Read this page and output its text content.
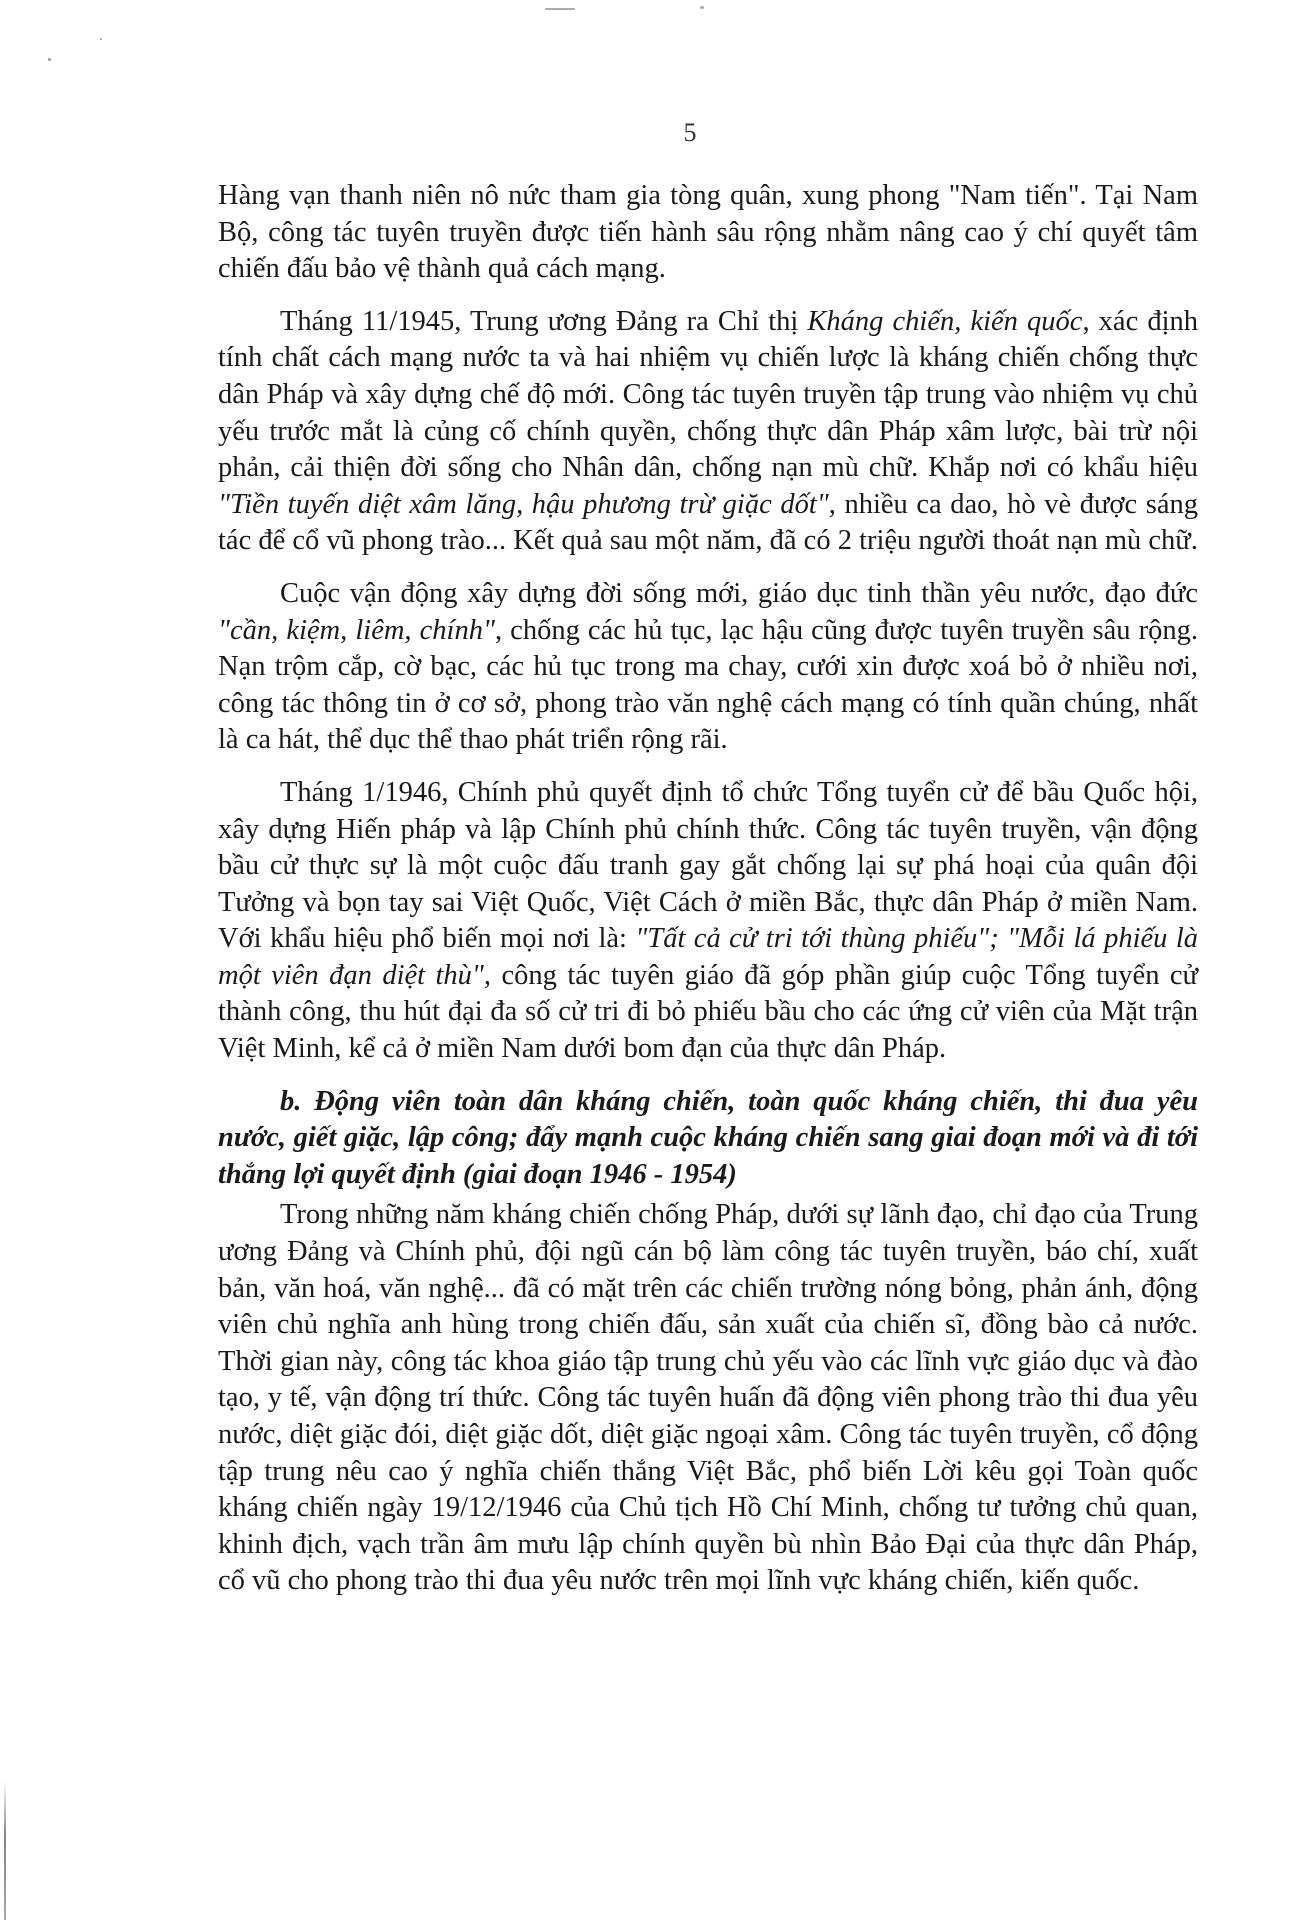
5

Hàng vạn thanh niên nô nức tham gia tòng quân, xung phong "Nam tiến". Tại Nam Bộ, công tác tuyên truyền được tiến hành sâu rộng nhằm nâng cao ý chí quyết tâm chiến đấu bảo vệ thành quả cách mạng.

Tháng 11/1945, Trung ương Đảng ra Chỉ thị Kháng chiến, kiến quốc, xác định tính chất cách mạng nước ta và hai nhiệm vụ chiến lược là kháng chiến chống thực dân Pháp và xây dựng chế độ mới. Công tác tuyên truyền tập trung vào nhiệm vụ chủ yếu trước mắt là củng cố chính quyền, chống thực dân Pháp xâm lược, bài trừ nội phản, cải thiện đời sống cho Nhân dân, chống nạn mù chữ. Khắp nơi có khẩu hiệu "Tiền tuyến diệt xâm lăng, hậu phương trừ giặc dốt", nhiều ca dao, hò vè được sáng tác để cổ vũ phong trào... Kết quả sau một năm, đã có 2 triệu người thoát nạn mù chữ.

Cuộc vận động xây dựng đời sống mới, giáo dục tinh thần yêu nước, đạo đức "cần, kiệm, liêm, chính", chống các hủ tục, lạc hậu cũng được tuyên truyền sâu rộng. Nạn trộm cắp, cờ bạc, các hủ tục trong ma chay, cưới xin được xoá bỏ ở nhiều nơi, công tác thông tin ở cơ sở, phong trào văn nghệ cách mạng có tính quần chúng, nhất là ca hát, thể dục thể thao phát triển rộng rãi.

Tháng 1/1946, Chính phủ quyết định tổ chức Tổng tuyển cử để bầu Quốc hội, xây dựng Hiến pháp và lập Chính phủ chính thức. Công tác tuyên truyền, vận động bầu cử thực sự là một cuộc đấu tranh gay gắt chống lại sự phá hoại của quân đội Tưởng và bọn tay sai Việt Quốc, Việt Cách ở miền Bắc, thực dân Pháp ở miền Nam. Với khẩu hiệu phổ biến mọi nơi là: "Tất cả cử tri tới thùng phiếu"; "Mỗi lá phiếu là một viên đạn diệt thù", công tác tuyên giáo đã góp phần giúp cuộc Tổng tuyển cử thành công, thu hút đại đa số cử tri đi bỏ phiếu bầu cho các ứng cử viên của Mặt trận Việt Minh, kể cả ở miền Nam dưới bom đạn của thực dân Pháp.

b. Động viên toàn dân kháng chiến, toàn quốc kháng chiến, thi đua yêu nước, giết giặc, lập công; đẩy mạnh cuộc kháng chiến sang giai đoạn mới và đi tới thắng lợi quyết định (giai đoạn 1946 - 1954)

Trong những năm kháng chiến chống Pháp, dưới sự lãnh đạo, chỉ đạo của Trung ương Đảng và Chính phủ, đội ngũ cán bộ làm công tác tuyên truyền, báo chí, xuất bản, văn hoá, văn nghệ... đã có mặt trên các chiến trường nóng bỏng, phản ánh, động viên chủ nghĩa anh hùng trong chiến đấu, sản xuất của chiến sĩ, đồng bào cả nước. Thời gian này, công tác khoa giáo tập trung chủ yếu vào các lĩnh vực giáo dục và đào tạo, y tế, vận động trí thức. Công tác tuyên huấn đã động viên phong trào thi đua yêu nước, diệt giặc đói, diệt giặc dốt, diệt giặc ngoại xâm. Công tác tuyên truyền, cổ động tập trung nêu cao ý nghĩa chiến thắng Việt Bắc, phổ biến Lời kêu gọi Toàn quốc kháng chiến ngày 19/12/1946 của Chủ tịch Hồ Chí Minh, chống tư tưởng chủ quan, khinh địch, vạch trần âm mưu lập chính quyền bù nhìn Bảo Đại của thực dân Pháp, cổ vũ cho phong trào thi đua yêu nước trên mọi lĩnh vực kháng chiến, kiến quốc.
